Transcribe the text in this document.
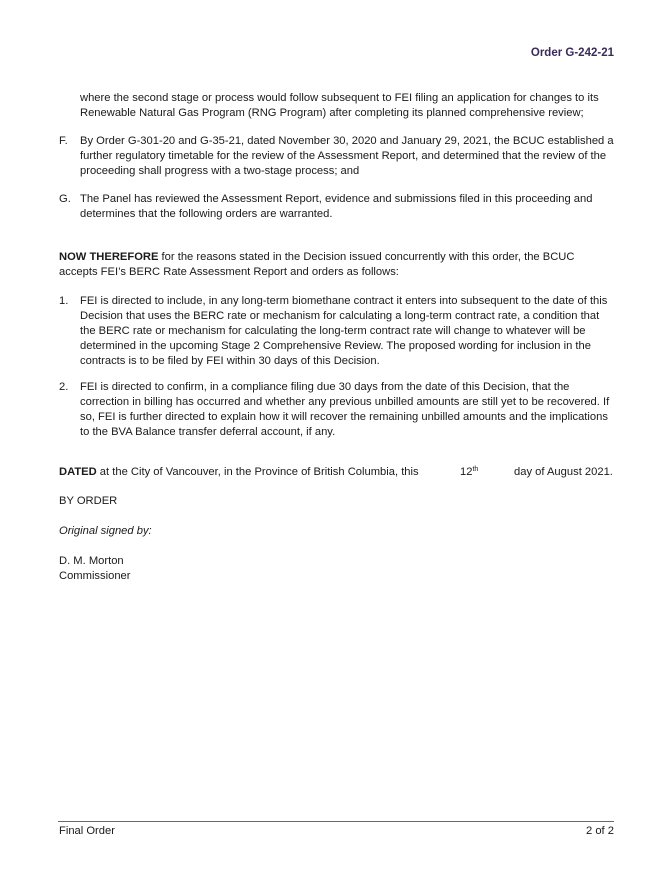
Order G-242-21
where the second stage or process would follow subsequent to FEI filing an application for changes to its Renewable Natural Gas Program (RNG Program) after completing its planned comprehensive review;
F.	By Order G-301-20 and G-35-21, dated November 30, 2020 and January 29, 2021, the BCUC established a further regulatory timetable for the review of the Assessment Report, and determined that the review of the proceeding shall progress with a two-stage process; and
G. The Panel has reviewed the Assessment Report, evidence and submissions filed in this proceeding and determines that the following orders are warranted.
NOW THEREFORE for the reasons stated in the Decision issued concurrently with this order, the BCUC accepts FEI’s BERC Rate Assessment Report and orders as follows:
1.	FEI is directed to include, in any long-term biomethane contract it enters into subsequent to the date of this Decision that uses the BERC rate or mechanism for calculating a long-term contract rate, a condition that the BERC rate or mechanism for calculating the long-term contract rate will change to whatever will be determined in the upcoming Stage 2 Comprehensive Review. The proposed wording for inclusion in the contracts is to be filed by FEI within 30 days of this Decision.
2.	FEI is directed to confirm, in a compliance filing due 30 days from the date of this Decision, that the correction in billing has occurred and whether any previous unbilled amounts are still yet to be recovered. If so, FEI is further directed to explain how it will recover the remaining unbilled amounts and the implications to the BVA Balance transfer deferral account, if any.
DATED at the City of Vancouver, in the Province of British Columbia, this	12th	day of August 2021.
BY ORDER
Original signed by:
D. M. Morton
Commissioner
Final Order	2 of 2
